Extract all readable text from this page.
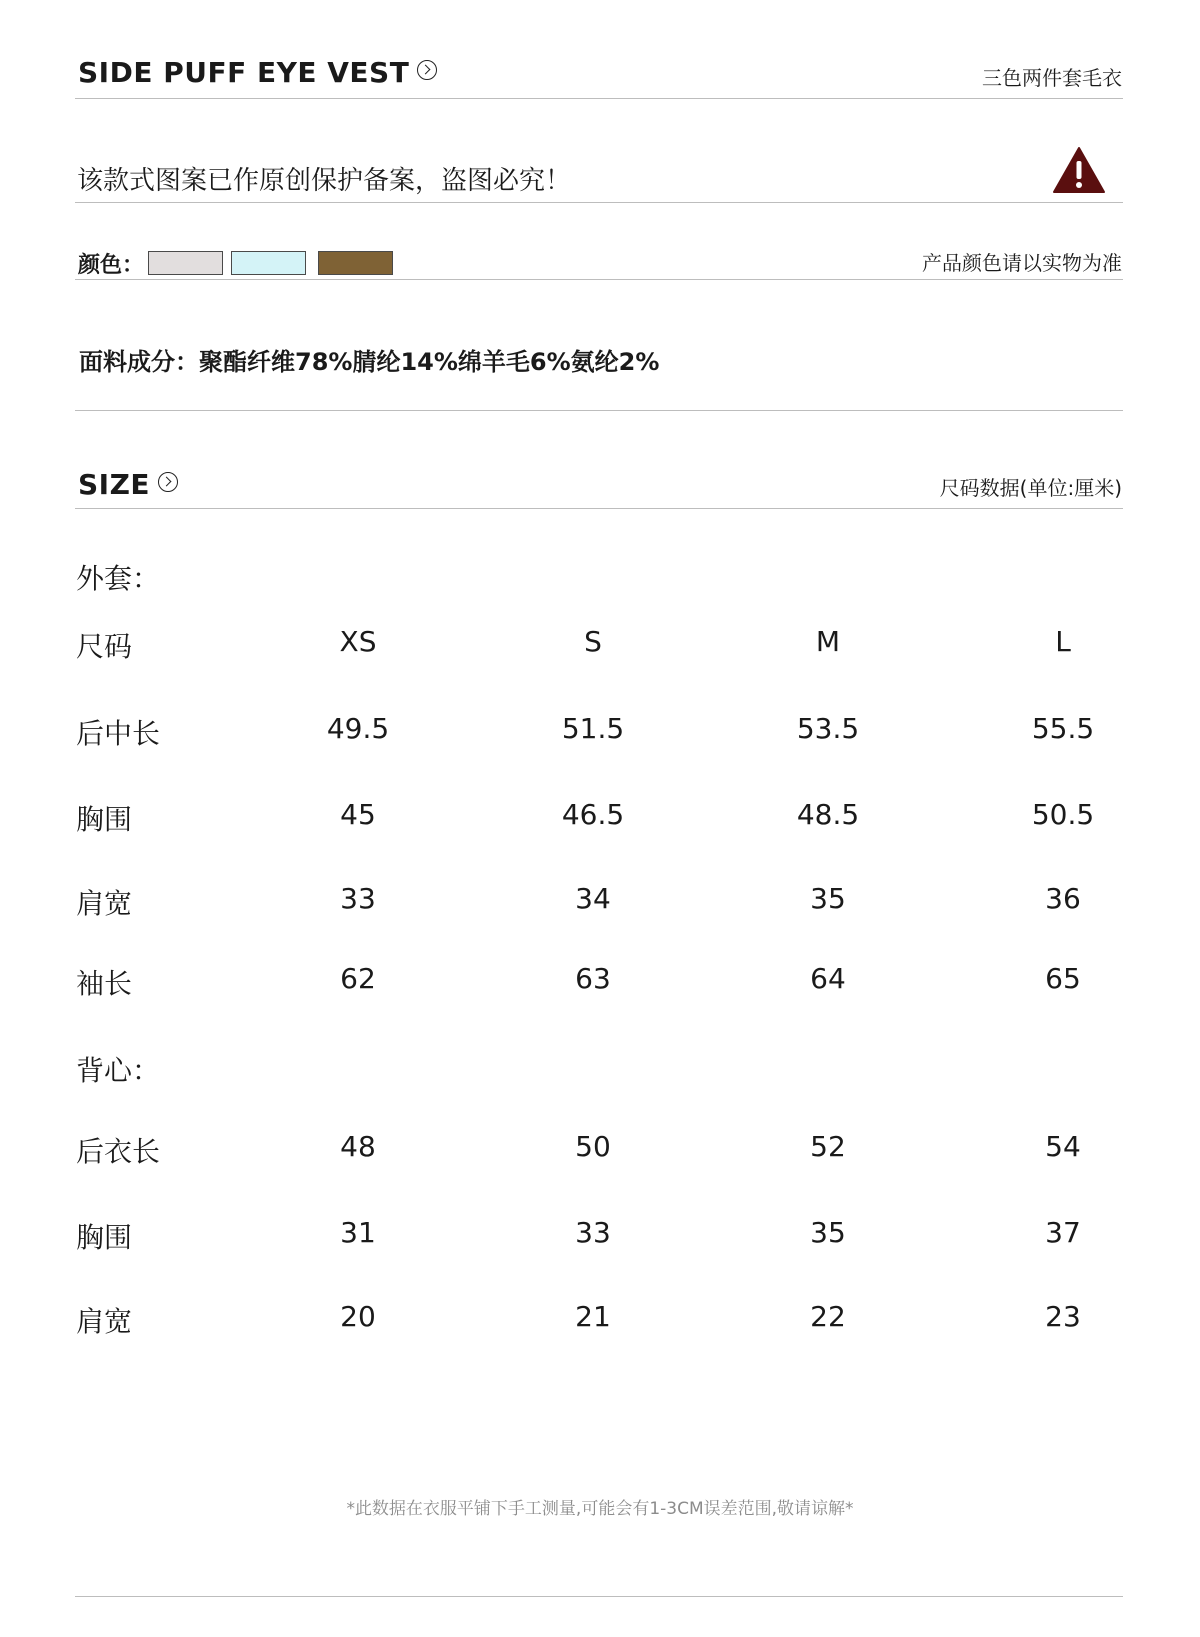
SIDE PUFF EYE VEST	三色两件套毛衣
该款式图案已作原创保护备案，盗图必究！
颜色：	产品颜色请以实物为准
面料成分：聚酯纤维78%腈纶14%绵羊毛6%氨纶2%
SIZE	尺码数据(单位:厘米)
外套：
尺码	XS	S	M	L
后中长	49.5	51.5	53.5	55.5
胸围	45	46.5	48.5	50.5
肩宽	33	34	35	36
袖长	62	63	64	65
背心：
后衣长	48	50	52	54
胸围	31	33	35	37
肩宽	20	21	22	23
*此数据在衣服平铺下手工测量,可能会有1-3CM误差范围,敬请谅解*
